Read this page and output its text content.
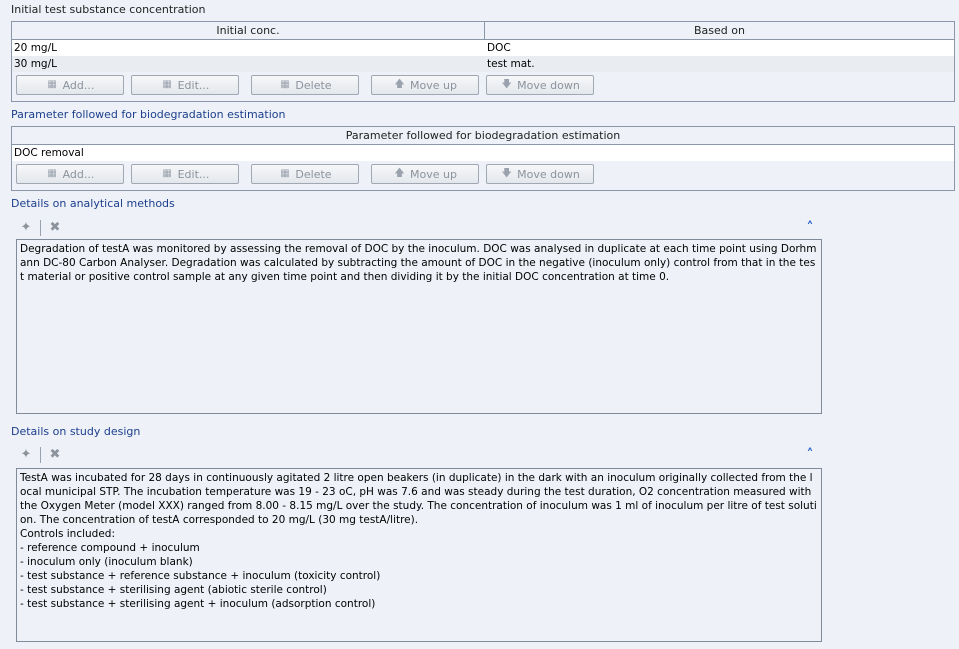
Initial test substance concentration
Initial conc.	Based on
20 mg/L	DOC
30 mg/L	test mat.
▦ Add...	▦ Edit...	▦ Delete	🡅 Move up	🡇 Move down
Parameter followed for biodegradation estimation
Parameter followed for biodegradation estimation
DOC removal
▦ Add...	▦ Edit...	▦ Delete	🡅 Move up	🡇 Move down
Details on analytical methods
✦ ✖	˄
Degradation of testA was monitored by assessing the removal of DOC by the inoculum. DOC was analysed in duplicate at each time point using Dorhmann DC-80 Carbon Analyser. Degradation was calculated by subtracting the amount of DOC in the negative (inoculum only) control from that in the test material or positive control sample at any given time point and then dividing it by the initial DOC concentration at time 0.
Details on study design
✦ ✖	˄
TestA was incubated for 28 days in continuously agitated 2 litre open beakers (in duplicate) in the dark with an inoculum originally collected from the local municipal STP. The incubation temperature was 19 - 23 oC, pH was 7.6 and was steady during the test duration, O2 concentration measured with the Oxygen Meter (model XXX) ranged from 8.00 - 8.15 mg/L over the study. The concentration of inoculum was 1 ml of inoculum per litre of test solution. The concentration of testA corresponded to 20 mg/L (30 mg testA/litre).
Controls included:
- reference compound + inoculum
- inoculum only (inoculum blank)
- test substance + reference substance + inoculum (toxicity control)
- test substance + sterilising agent (abiotic sterile control)
- test substance + sterilising agent + inoculum (adsorption control)
